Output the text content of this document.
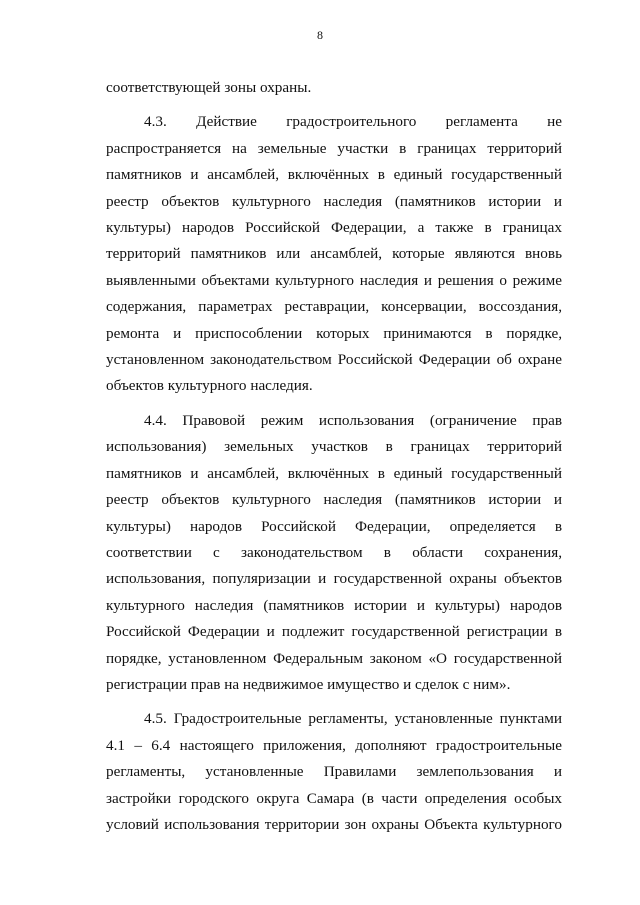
8

соответствующей зоны охраны.

4.3. Действие градостроительного регламента не распространяется на земельные участки в границах территорий памятников и ансамблей, включённых в единый государственный реестр объектов культурного наследия (памятников истории и культуры) народов Российской Федерации, а также в границах территорий памятников или ансамблей, которые являются вновь выявленными объектами культурного наследия и решения о режиме содержания, параметрах реставрации, консервации, воссоздания, ремонта и приспособлении которых принимаются в порядке, установленном законодательством Российской Федерации об охране объектов культурного наследия.

4.4. Правовой режим использования (ограничение прав использования) земельных участков в границах территорий памятников и ансамблей, включённых в единый государственный реестр объектов культурного наследия (памятников истории и культуры) народов Российской Федерации, определяется в соответствии с законодательством в области сохранения, использования, популяризации и государственной охраны объектов культурного наследия (памятников истории и культуры) народов Российской Федерации и подлежит государственной регистрации в порядке, установленном Федеральным законом «О государственной регистрации прав на недвижимое имущество и сделок с ним».

4.5. Градостроительные регламенты, установленные пунктами 4.1 – 6.4 настоящего приложения, дополняют градостроительные регламенты, установленные Правилами землепользования и застройки городского округа Самара (в части определения особых условий использования территории зон охраны Объекта культурного
